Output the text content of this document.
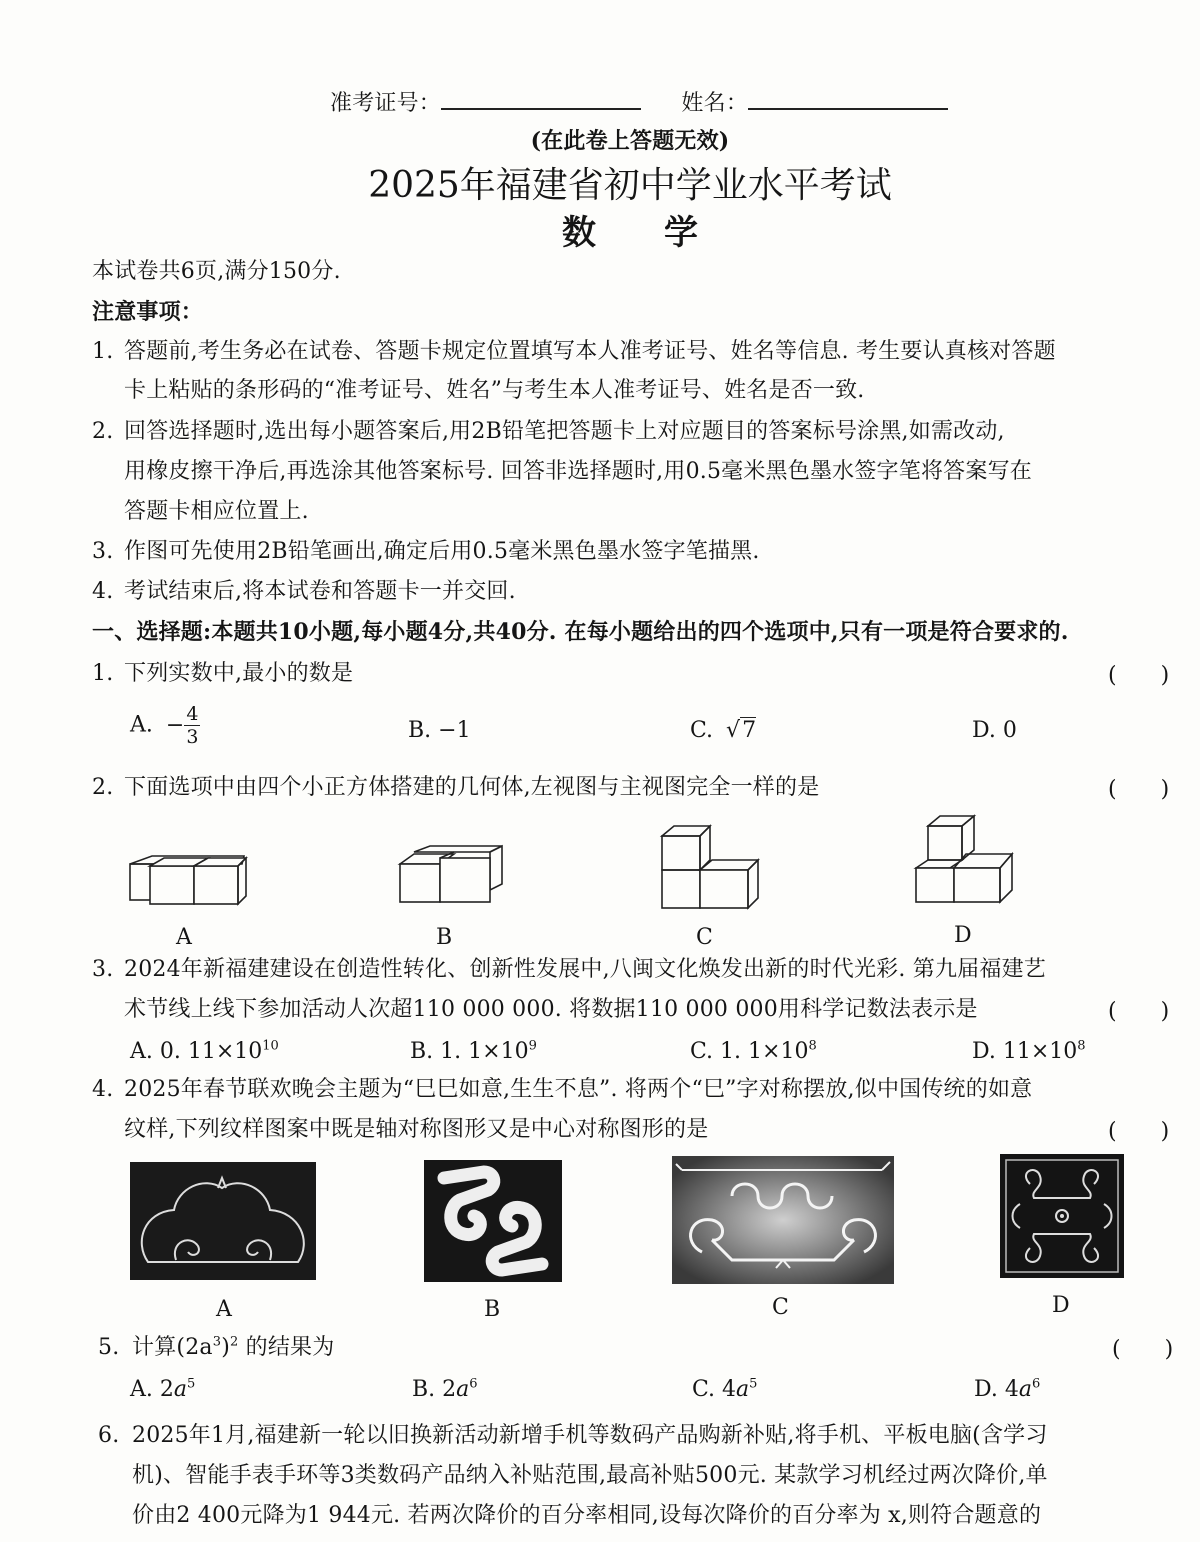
准考证号：	姓名：
(在此卷上答题无效)
2025年福建省初中学业水平考试
数　　学
本试卷共6页,满分150分.
注意事项：
1. 答题前,考生务必在试卷、答题卡规定位置填写本人准考证号、姓名等信息. 考生要认真核对答题
卡上粘贴的条形码的“准考证号、姓名”与考生本人准考证号、姓名是否一致.
2. 回答选择题时,选出每小题答案后,用2B铅笔把答题卡上对应题目的答案标号涂黑,如需改动,
用橡皮擦干净后,再选涂其他答案标号. 回答非选择题时,用0.5毫米黑色墨水签字笔将答案写在
答题卡相应位置上.
3. 作图可先使用2B铅笔画出,确定后用0.5毫米黑色墨水签字笔描黑.
4. 考试结束后,将本试卷和答题卡一并交回.
一、选择题:本题共10小题,每小题4分,共40分. 在每小题给出的四个选项中,只有一项是符合要求的.
1. 下列实数中,最小的数是	(　　)
A. − $\frac{4}{3}$	B. −1	C. √7	D. 0
2. 下面选项中由四个小正方体搭建的几何体,左视图与主视图完全一样的是	(　　)
A	B	C	D
3. 2024年新福建建设在创造性转化、创新性发展中,八闽文化焕发出新的时代光彩. 第九届福建艺
术节线上线下参加活动人次超110 000 000. 将数据110 000 000用科学记数法表示是	(　　)
A. 0. $11\times 10^{10}$	B. 1. $1\times 10^9$	C. 1. $1\times 10^8$	D. $11\times 10^8$
4. 2025年春节联欢晚会主题为“巳巳如意,生生不息”. 将两个“巳”字对称摆放,似中国传统的如意
纹样,下列纹样图案中既是轴对称图形又是中心对称图形的是	(　　)
A	B	C	D
5. 计算$(2a^3)^2$ 的结果为	(　　)
A. $2a^5$	B. $2a^6$	C. $4a^5$	D. $4a^6$
6. 2025年1月,福建新一轮以旧换新活动新增手机等数码产品购新补贴,将手机、平板电脑(含学习
机)、智能手表手环等3类数码产品纳入补贴范围,最高补贴500元. 某款学习机经过两次降价,单
价由2 400元降为1 944元. 若两次降价的百分率相同,设每次降价的百分率为 x,则符合题意的
